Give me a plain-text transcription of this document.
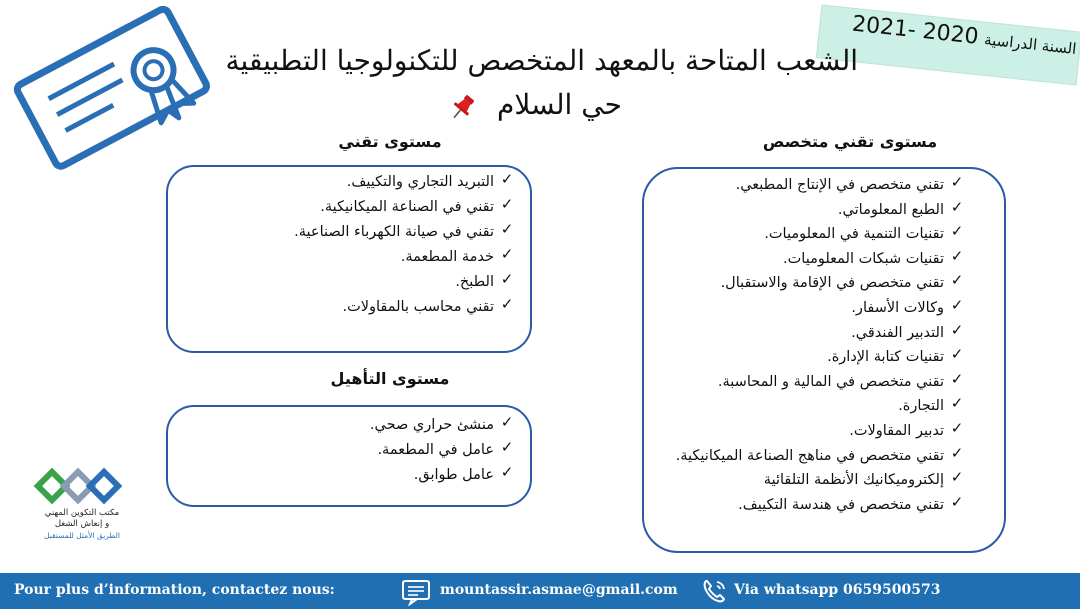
السنة الدراسية 2020 -2021
الشعب المتاحة بالمعهد المتخصص للتكنولوجيا التطبيقية
حي السلام
مستوى تقني متخصص
مستوى تقني
مستوى التأهيل
✓
تقني متخصص في الإنتاج المطبعي.
✓
الطبع المعلوماتي.
✓
تقنيات التنمية في المعلوميات.
✓
تقنيات شبكات المعلوميات.
✓
تقني متخصص في الإقامة والاستقبال.
✓
وكالات الأسفار.
✓
التدبير الفندقي.
✓
تقنيات كتابة الإدارة.
✓
تقني متخصص في المالية و المحاسبة.
✓
التجارة.
✓
تدبير المقاولات.
✓
تقني متخصص في مناهج الصناعة الميكانيكية.
✓
إلكتروميكانيك الأنظمة التلقائية
✓
تقني متخصص في هندسة التكييف.
✓
التبريد التجاري والتكييف.
✓
تقني في الصناعة الميكانيكية.
✓
تقني في صيانة الكهرباء الصناعية.
✓
خدمة المطعمة.
✓
الطبخ.
✓
تقني محاسب بالمقاولات.
✓
منشئ حراري صحي.
✓
عامل في المطعمة.
✓
عامل طوابق.
مكتب التكوين المهني
و إنعاش الشغل
الطريق الأمثل للمستقبل
Pour plus d’information, contactez nous:	mountassir.asmae@gmail.com	Via whatsapp 0659500573
